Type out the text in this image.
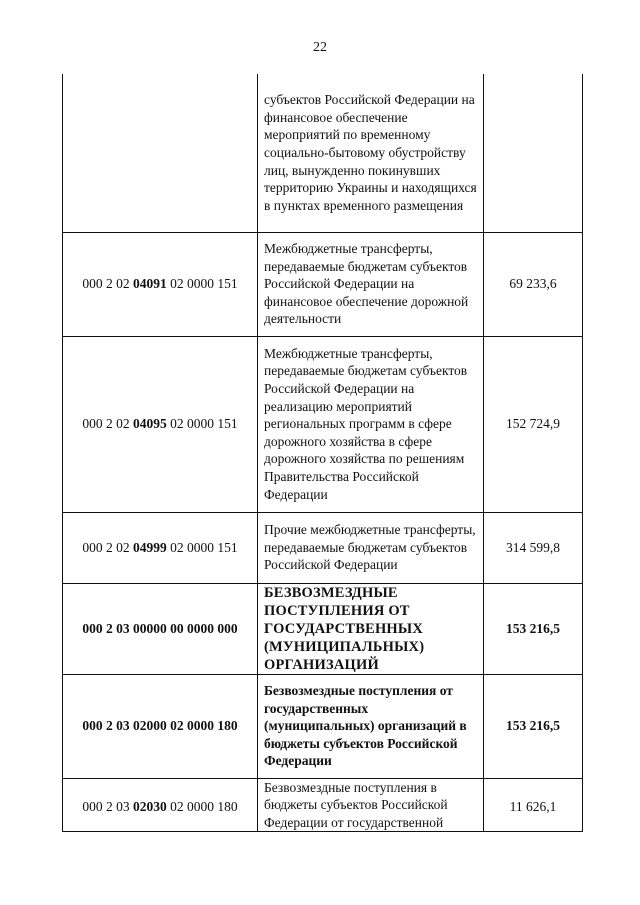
22
	субъектов Российской Федерации на финансовое обеспечение мероприятий по временному социально-бытовому обустройству лиц, вынужденно покинувших территорию Украины и находящихся в пунктах временного размещения	
000 2 02 04091 02 0000 151	Межбюджетные трансферты, передаваемые бюджетам субъектов Российской Федерации на финансовое обеспечение дорожной деятельности	69 233,6
000 2 02 04095 02 0000 151	Межбюджетные трансферты, передаваемые бюджетам субъектов Российской Федерации на реализацию мероприятий региональных программ в сфере дорожного хозяйства в сфере дорожного хозяйства по решениям Правительства Российской Федерации	152 724,9
000 2 02 04999 02 0000 151	Прочие межбюджетные трансферты, передаваемые бюджетам субъектов Российской Федерации	314 599,8
000 2 03 00000 00 0000 000	БЕЗВОЗМЕЗДНЫЕ ПОСТУПЛЕНИЯ ОТ ГОСУДАРСТВЕННЫХ (МУНИЦИПАЛЬНЫХ) ОРГАНИЗАЦИЙ	153 216,5
000 2 03 02000 02 0000 180	Безвозмездные поступления от государственных (муниципальных) организаций в бюджеты субъектов Российской Федерации	153 216,5
000 2 03 02030 02 0000 180	Безвозмездные поступления в бюджеты субъектов Российской Федерации от государственной	11 626,1
